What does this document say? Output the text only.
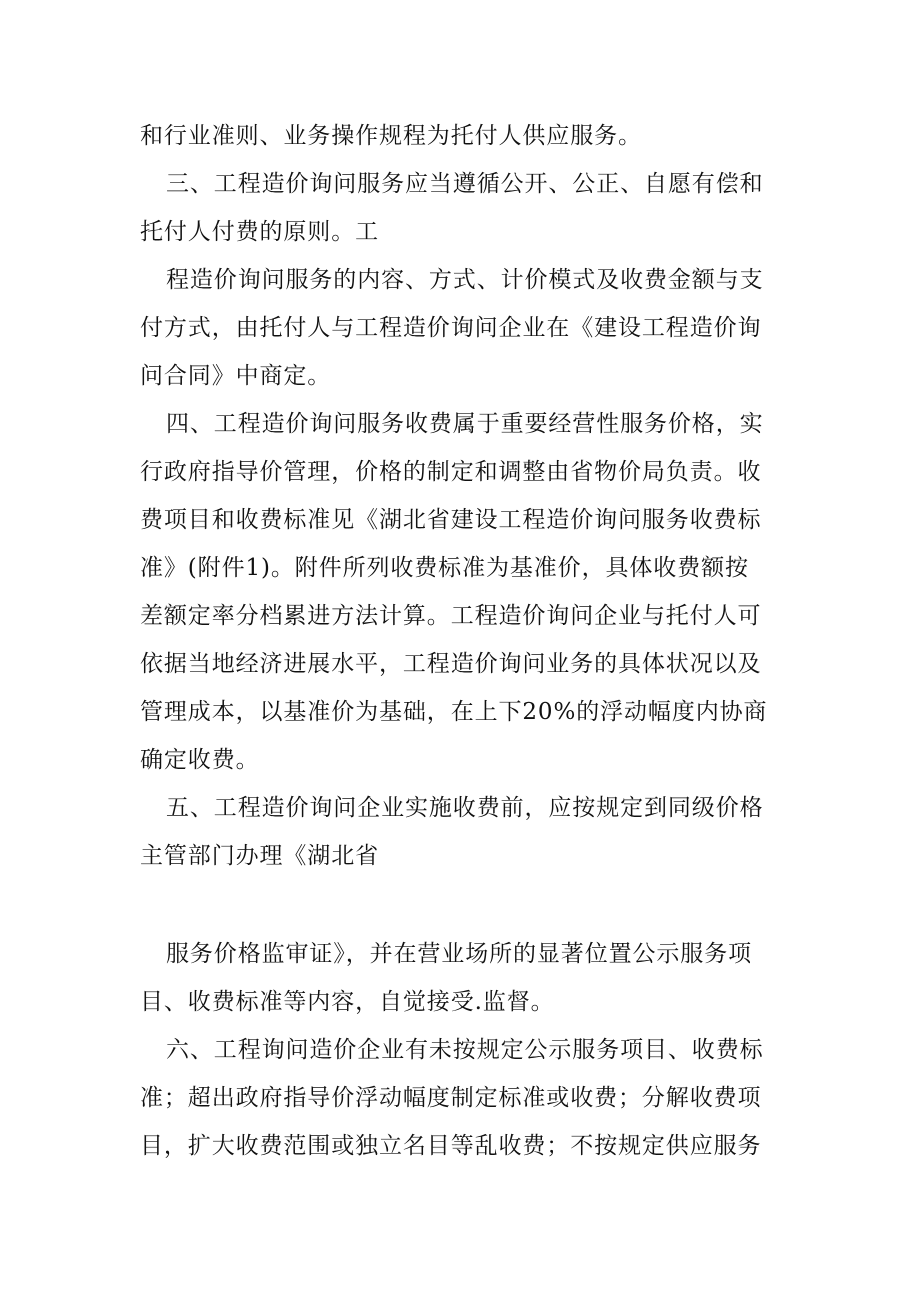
和行业准则、业务操作规程为托付人供应服务。
三、工程造价询问服务应当遵循公开、公正、自愿有偿和
托付人付费的原则。工
程造价询问服务的内容、方式、计价模式及收费金额与支
付方式，由托付人与工程造价询问企业在《建设工程造价询
问合同》中商定。
四、工程造价询问服务收费属于重要经营性服务价格，实
行政府指导价管理，价格的制定和调整由省物价局负责。收
费项目和收费标准见《湖北省建设工程造价询问服务收费标
准》(附件1)。附件所列收费标准为基准价，具体收费额按
差额定率分档累进方法计算。工程造价询问企业与托付人可
依据当地经济进展水平，工程造价询问业务的具体状况以及
管理成本，以基准价为基础，在上下20%的浮动幅度内协商
确定收费。
五、工程造价询问企业实施收费前，应按规定到同级价格
主管部门办理《湖北省
服务价格监审证》，并在营业场所的显著位置公示服务项
目、收费标准等内容，自觉接受.监督。
六、工程询问造价企业有未按规定公示服务项目、收费标
准；超出政府指导价浮动幅度制定标准或收费；分解收费项
目，扩大收费范围或独立名目等乱收费；不按规定供应服务
